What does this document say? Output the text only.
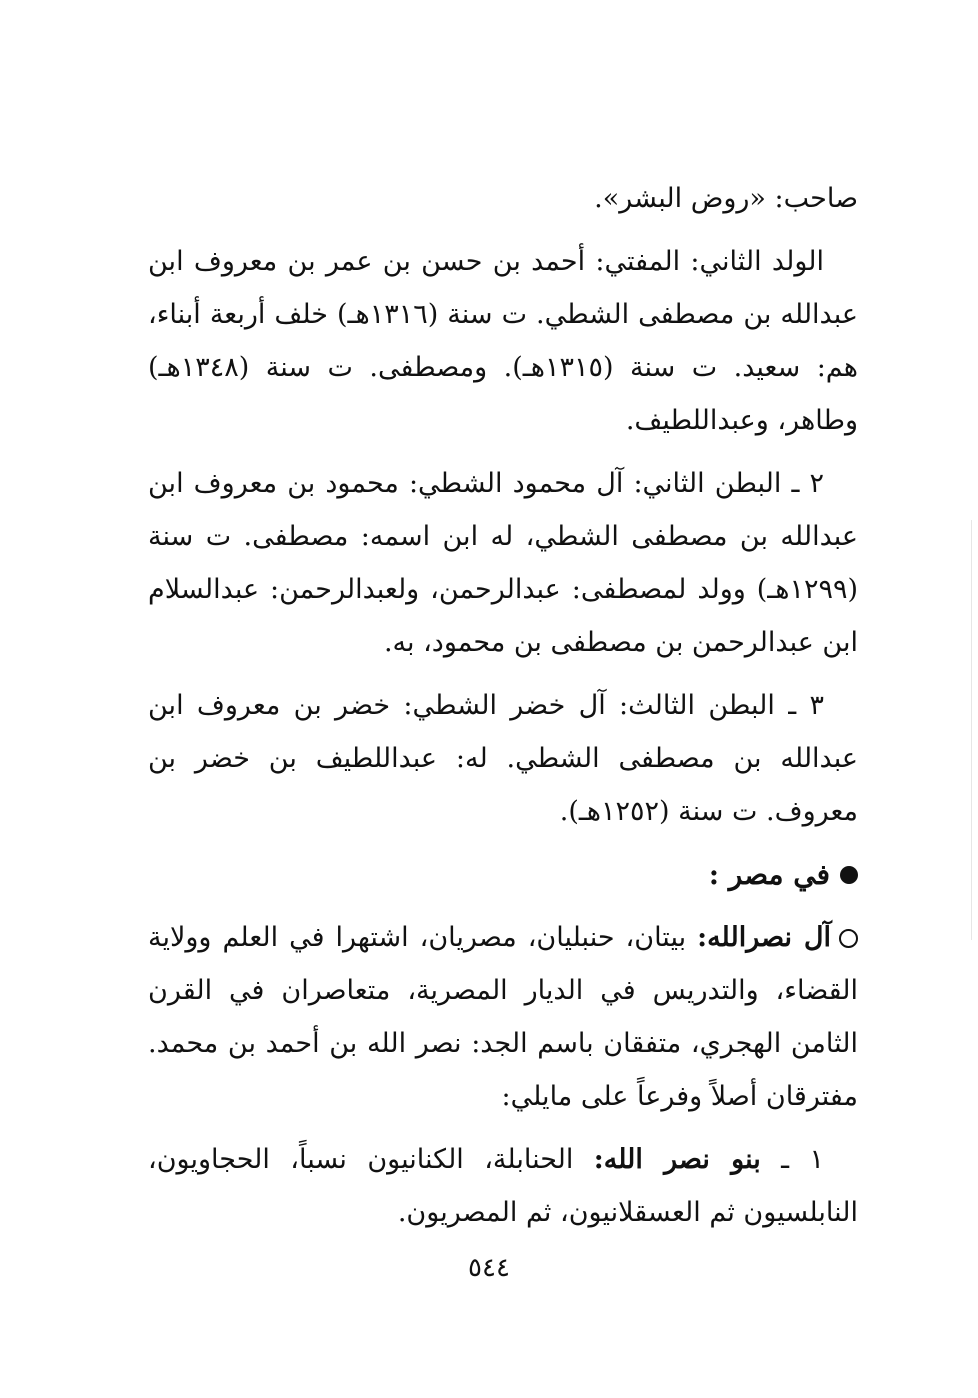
صاحب: «روض البشر».

الولد الثاني: المفتي: أحمد بن حسن بن عمر بن معروف ابن عبدالله بن مصطفى الشطي. ت سنة (١٣١٦هـ) خلف أربعة أبناء، هم: سعيد. ت سنة (١٣١٥هـ). ومصطفى. ت سنة (١٣٤٨هـ) وطاهر، وعبداللطيف.

٢ ـ البطن الثاني: آل محمود الشطي: محمود بن معروف ابن عبدالله بن مصطفى الشطي، له ابن اسمه: مصطفى. ت سنة (١٢٩٩هـ) وولد لمصطفى: عبدالرحمن، ولعبدالرحمن: عبدالسلام ابن عبدالرحمن بن مصطفى بن محمود، به.

٣ ـ البطن الثالث: آل خضر الشطي: خضر بن معروف ابن عبدالله بن مصطفى الشطي. له: عبداللطيف بن خضر بن معروف. ت سنة (١٢٥٢هـ).

في مصر :

آل نصرالله: بيتان، حنبليان، مصريان، اشتهرا في العلم وولاية القضاء، والتدريس في الديار المصرية، متعاصران في القرن الثامن الهجري، متفقان باسم الجد: نصر الله بن أحمد بن محمد. مفترقان أصلاً وفرعاً على مايلي:

١ ـ بنو نصر الله: الحنابلة، الكنانيون نسباً، الحجاويون، النابلسيون ثم العسقلانيون، ثم المصريون.

٥٤٤
